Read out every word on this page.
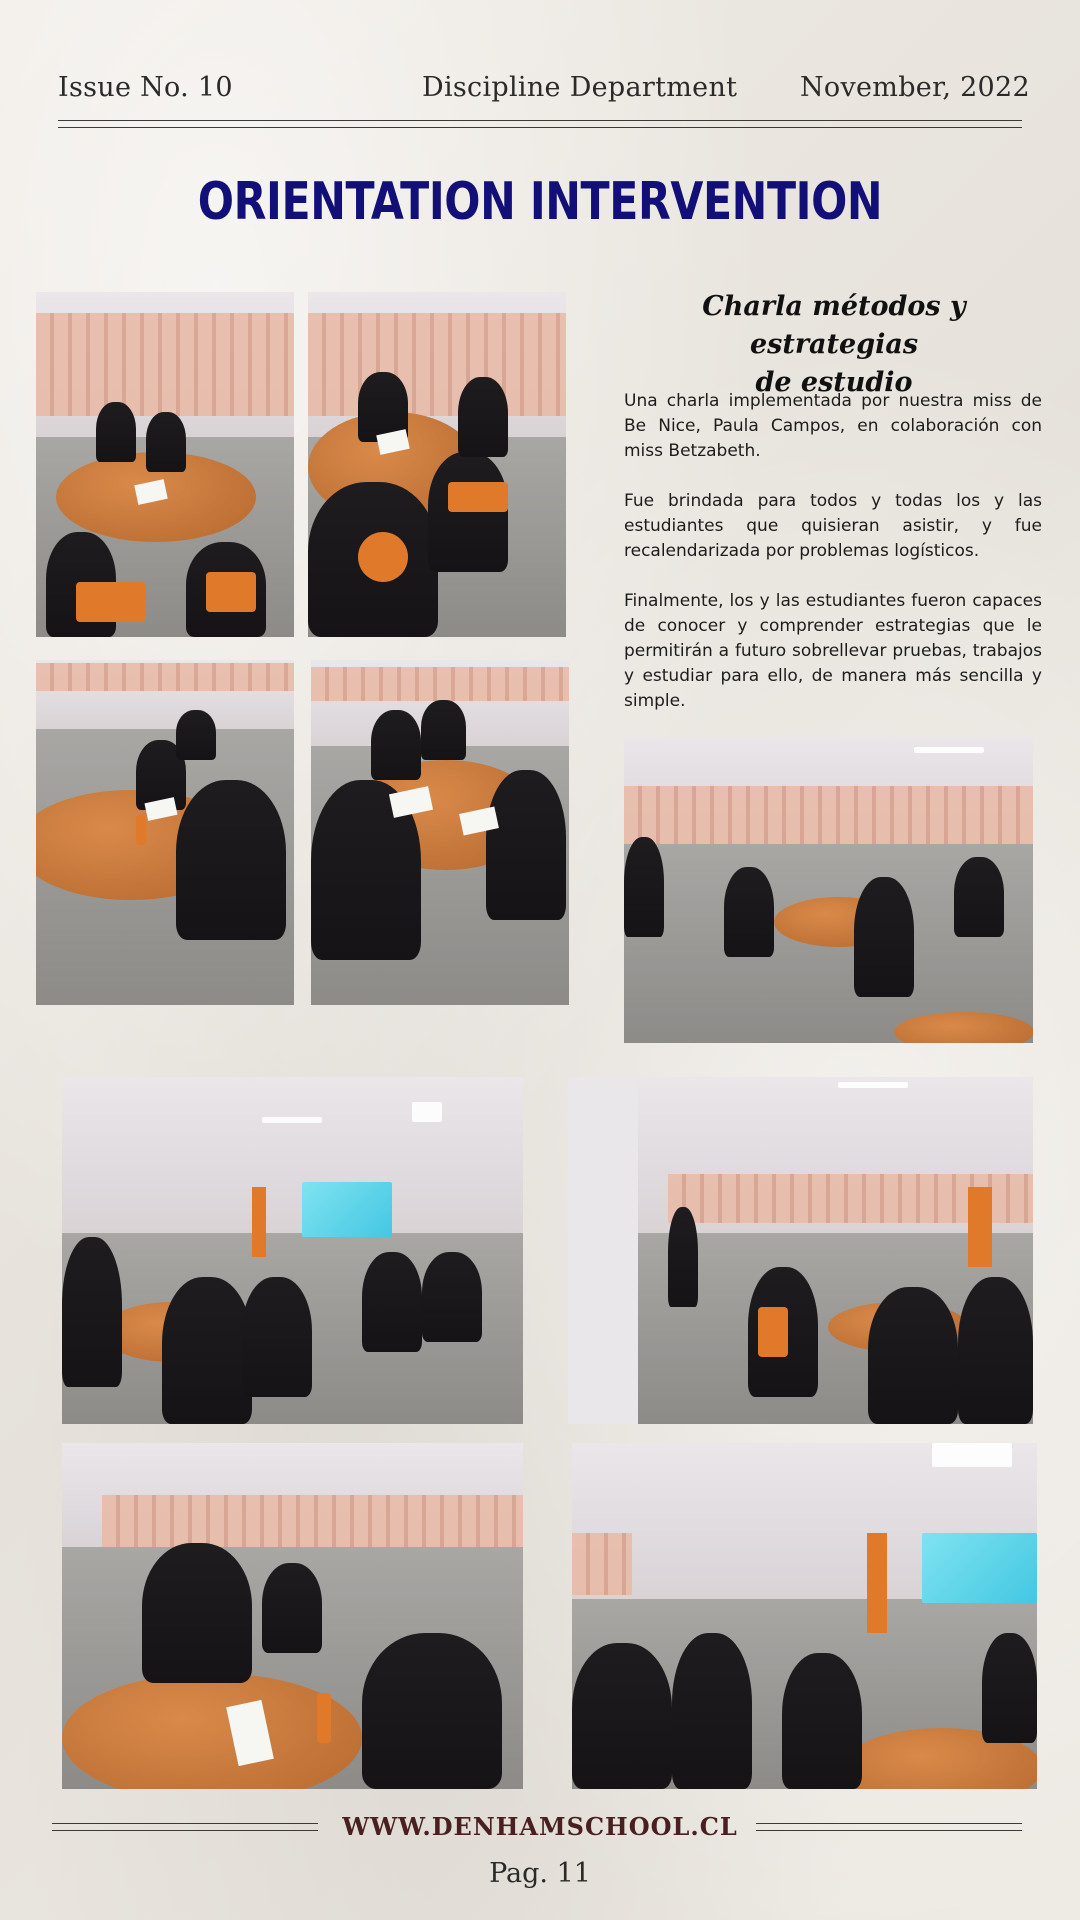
Issue No. 10	Discipline Department November, 2022
ORIENTATION INTERVENTION
Charla métodos y estrategias
de estudio

Una charla implementada por nuestra miss de Be Nice, Paula Campos, en colaboración con miss Betzabeth.

Fue brindada para todos y todas los y las estudiantes que quisieran asistir, y fue recalendarizada por problemas logísticos.

Finalmente, los y las estudiantes fueron capaces de conocer y comprender estrategias que le permitirán a futuro sobrellevar pruebas, trabajos y estudiar para ello, de manera más sencilla y simple.

WWW.DENHAMSCHOOL.CL
Pag. 11
